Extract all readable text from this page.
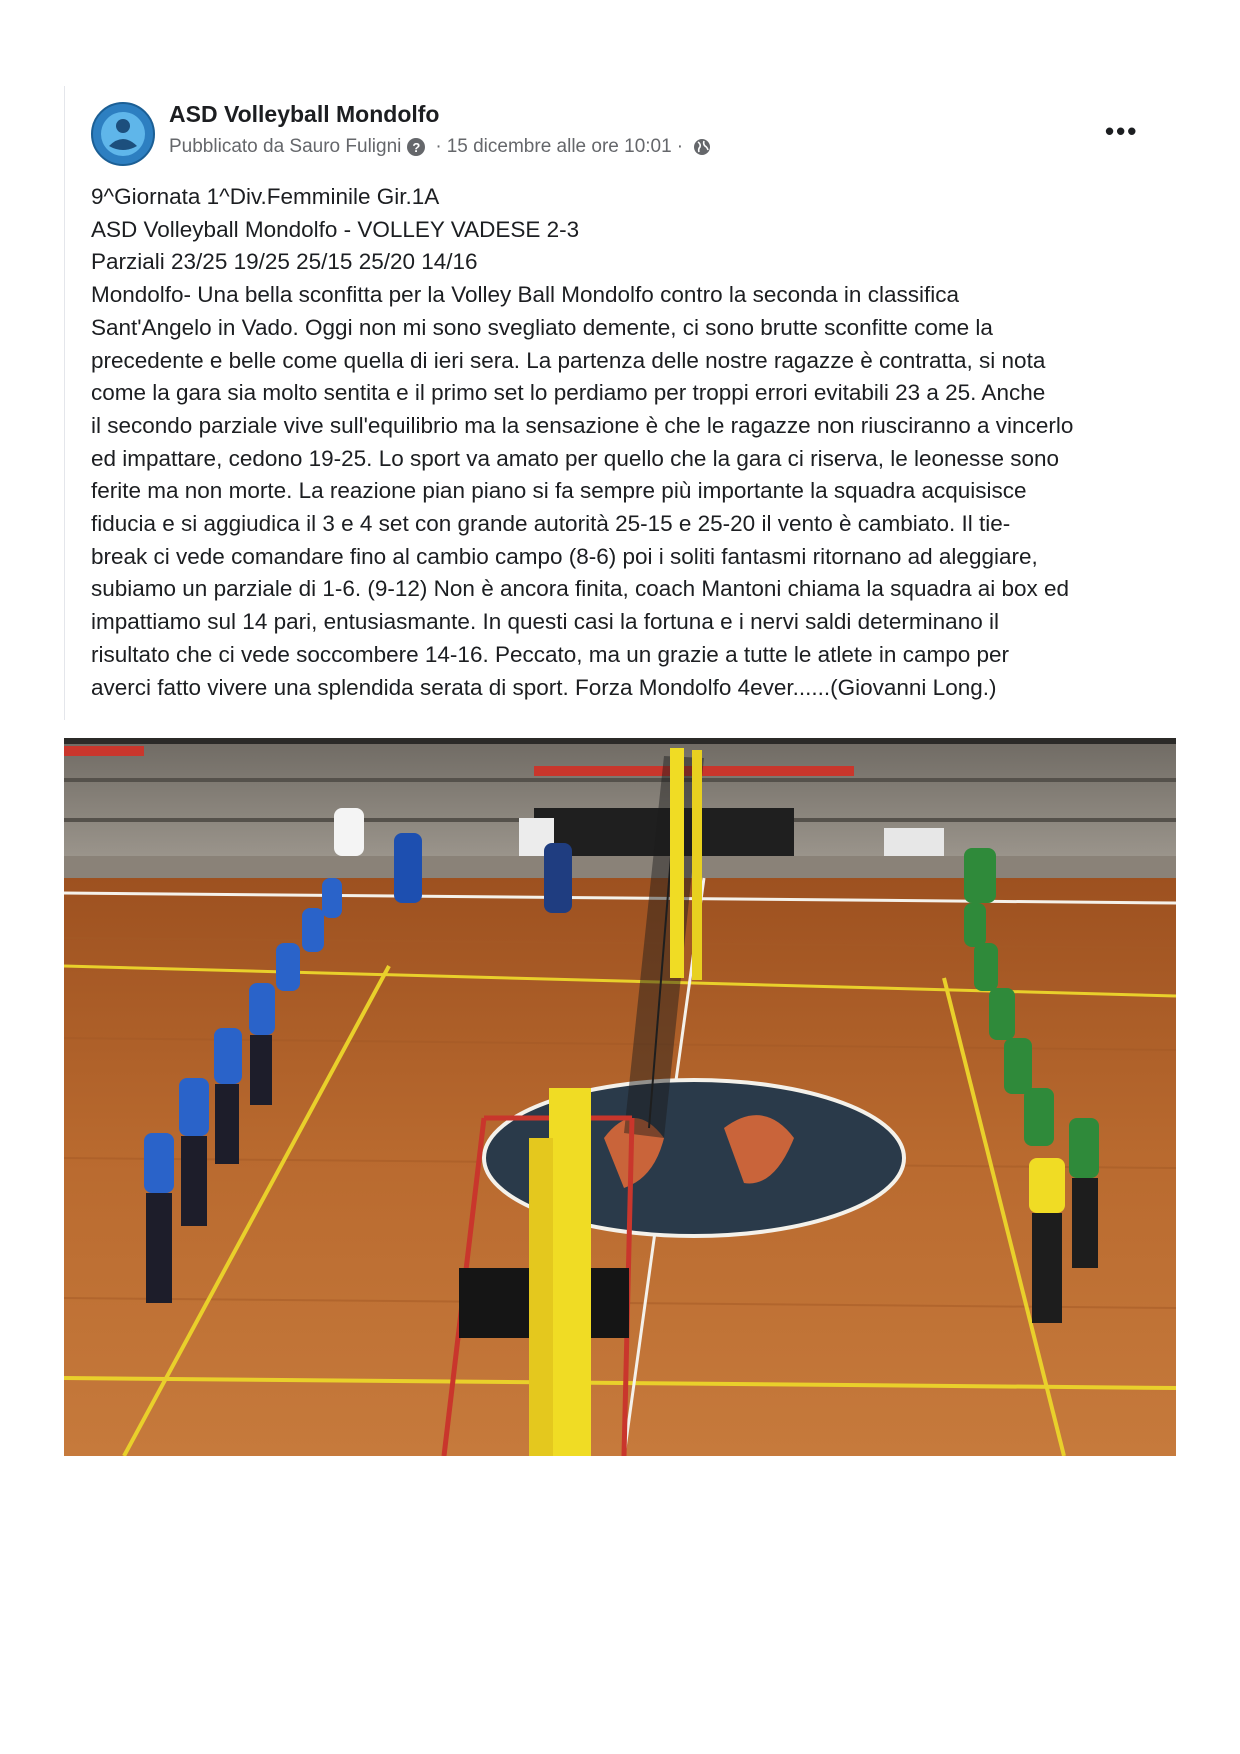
ASD Volleyball Mondolfo
Pubblicato da Sauro Fuligni ? · 15 dicembre alle ore 10:01 ·
•••
9^Giornata 1^Div.Femminile Gir.1A
ASD Volleyball Mondolfo - VOLLEY VADESE 2-3
Parziali 23/25 19/25 25/15 25/20 14/16
Mondolfo- Una bella sconfitta per la Volley Ball Mondolfo contro la seconda in classifica
Sant'Angelo in Vado. Oggi non mi sono svegliato demente, ci sono brutte sconfitte come la
precedente e belle come quella di ieri sera. La partenza delle nostre ragazze è contratta, si nota
come la gara sia molto sentita e il primo set lo perdiamo per troppi errori evitabili 23 a 25. Anche
il secondo parziale vive sull'equilibrio ma la sensazione è che le ragazze non riusciranno a vincerlo
ed impattare, cedono 19-25. Lo sport va amato per quello che la gara ci riserva, le leonesse sono
ferite ma non morte. La reazione pian piano si fa sempre più importante la squadra acquisisce
fiducia e si aggiudica il 3 e 4 set con grande autorità 25-15 e 25-20 il vento è cambiato. Il tie-
break ci vede comandare fino al cambio campo (8-6) poi i soliti fantasmi ritornano ad aleggiare,
subiamo un parziale di 1-6. (9-12) Non è ancora finita, coach Mantoni chiama la squadra ai box ed
impattiamo sul 14 pari, entusiasmante. In questi casi la fortuna e i nervi saldi determinano il
risultato che ci vede soccombere 14-16. Peccato, ma un grazie a tutte le atlete in campo per
averci fatto vivere una splendida serata di sport. Forza Mondolfo 4ever......(Giovanni Long.)
